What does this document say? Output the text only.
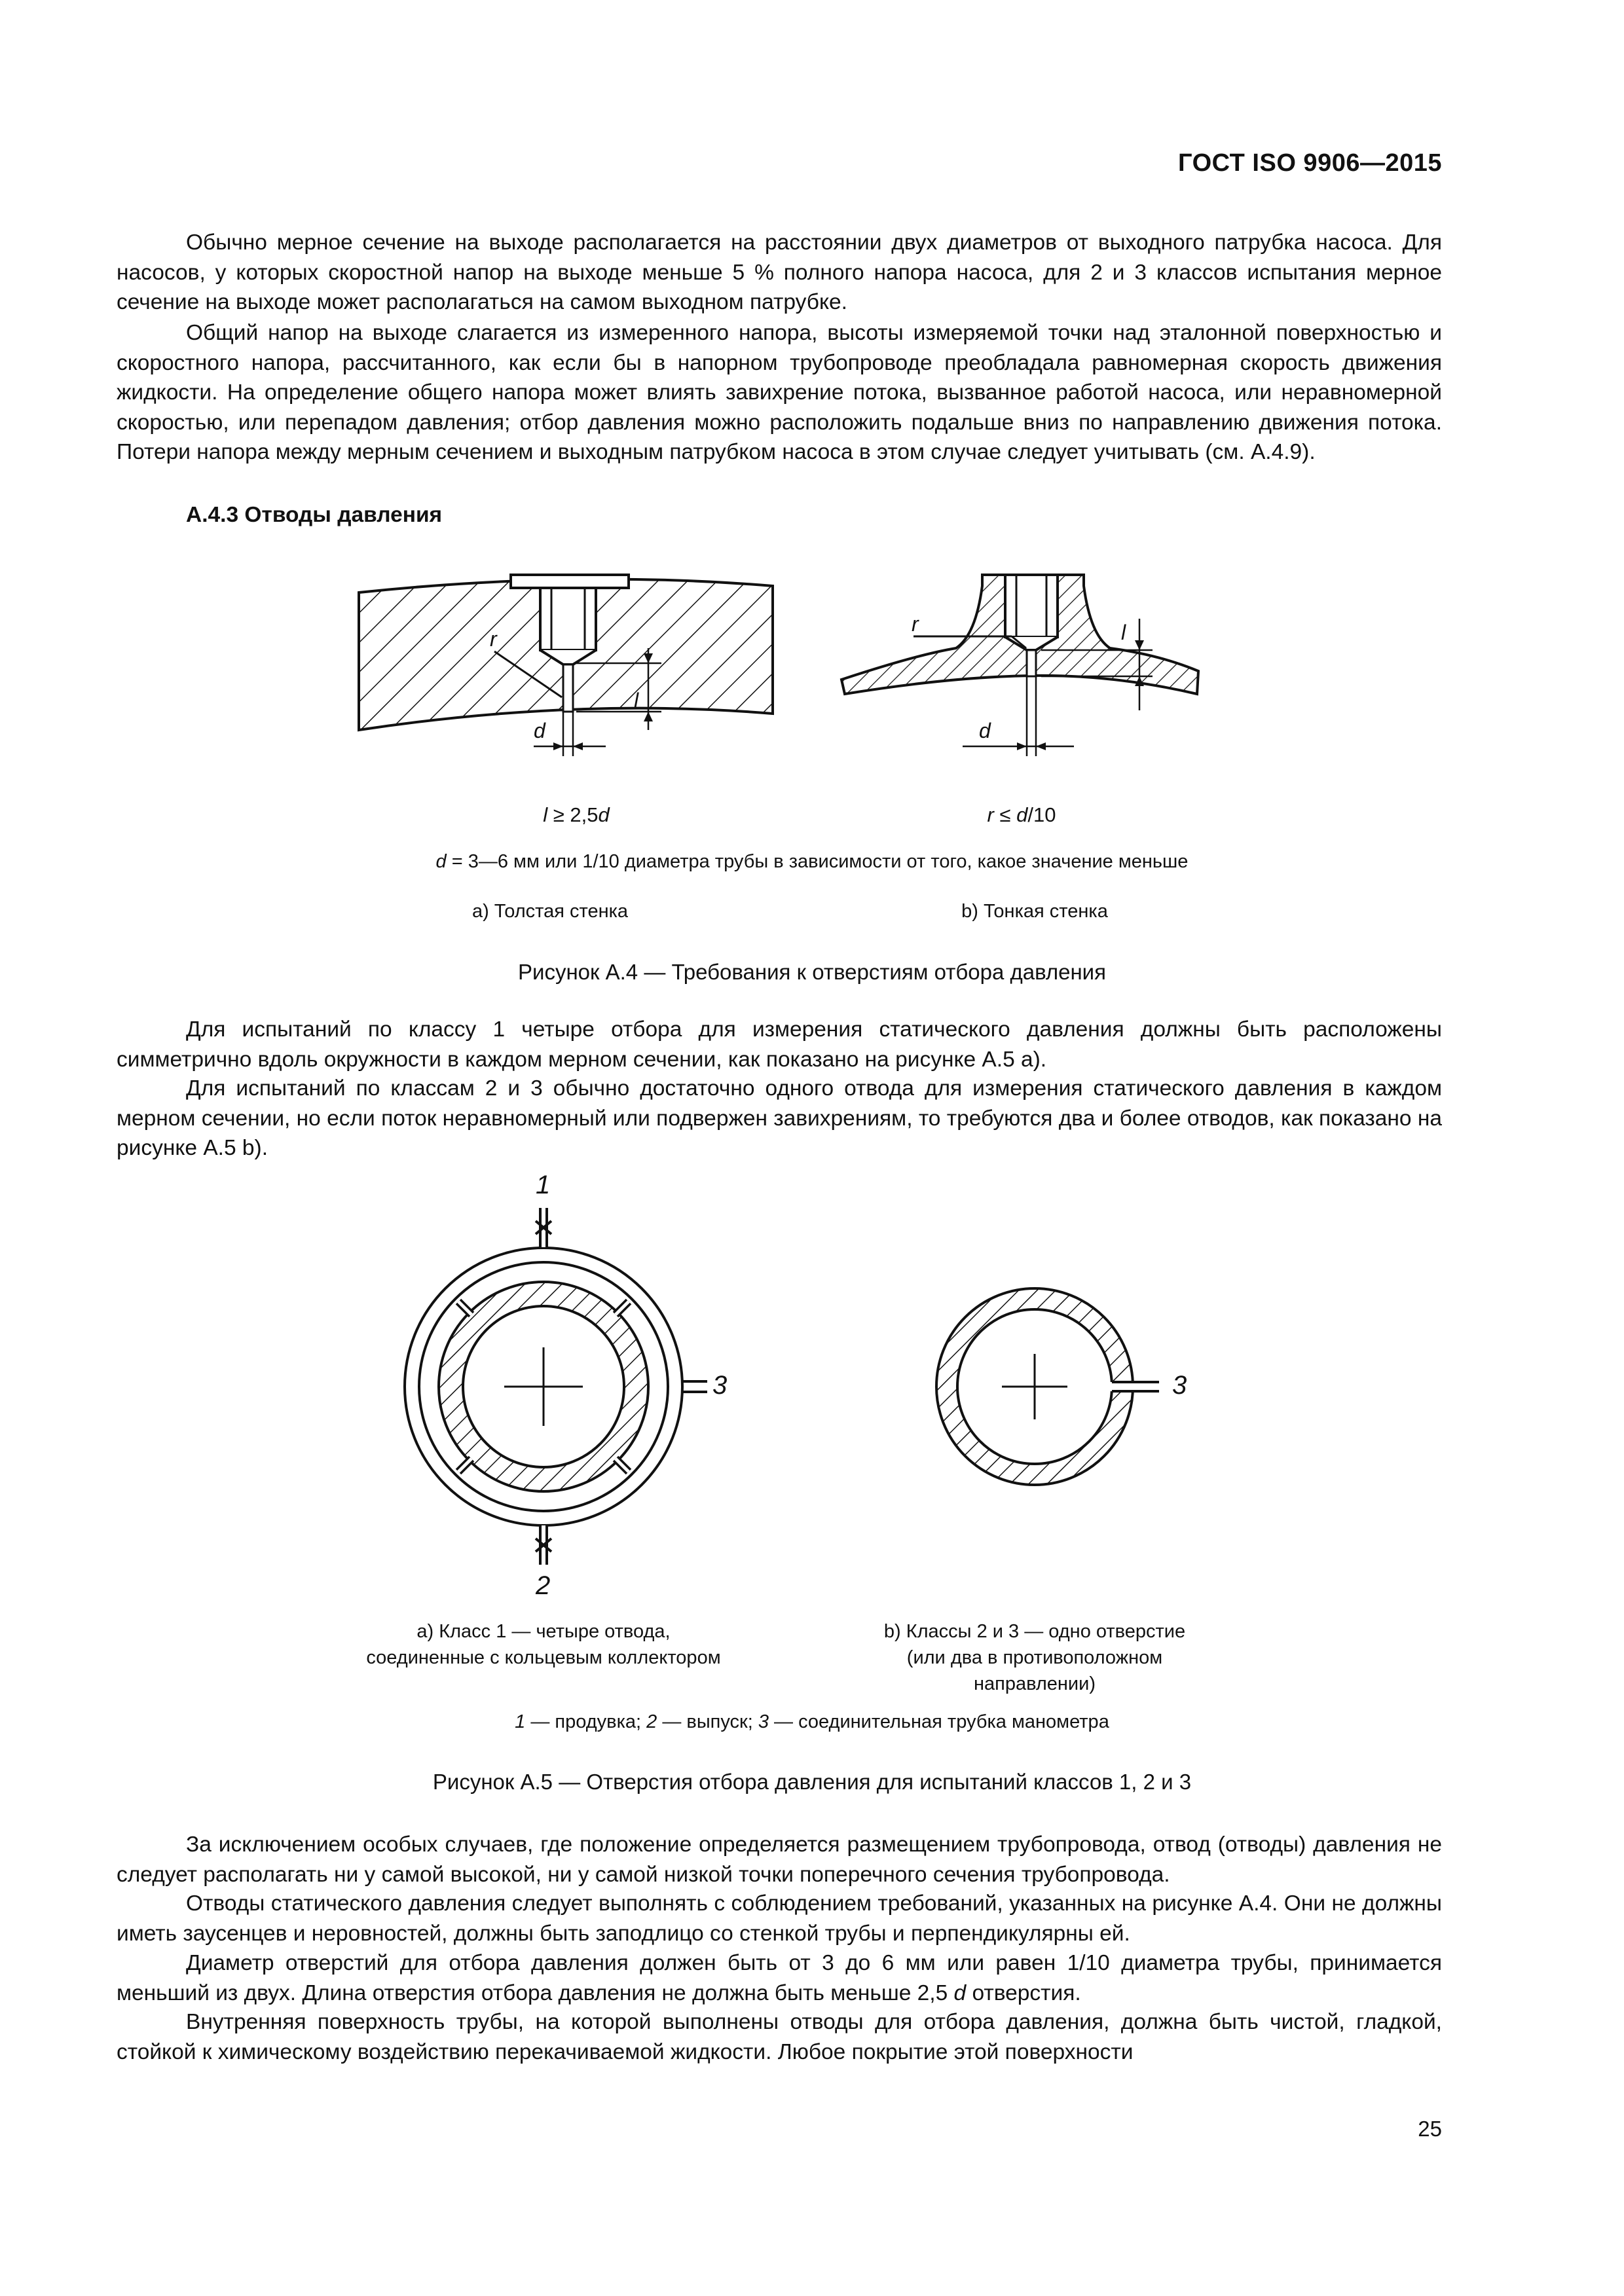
ГОСТ ISO 9906—2015

Обычно мерное сечение на выходе располагается на расстоянии двух диаметров от выходного патрубка насоса. Для насосов, у которых скоростной напор на выходе меньше 5 % полного напора насоса, для 2 и 3 классов испытания мерное сечение на выходе может располагаться на самом выходном патрубке.

Общий напор на выходе слагается из измеренного напора, высоты измеряемой точки над эталонной поверхностью и скоростного напора, рассчитанного, как если бы в напорном трубопроводе преобладала равномерная скорость движения жидкости. На определение общего напора может влиять завихрение потока, вызванное работой насоса, или неравномерной скоростью, или перепадом давления; отбор давления можно расположить подальше вниз по направлению движения потока. Потери напора между мерным сечением и выходным патрубком насоса в этом случае следует учитывать (см. А.4.9).

А.4.3 Отводы давления
r
l
d
r	l
d
l ≥ 2,5d	r ≤ d/10
d = 3—6 мм или 1/10 диаметра трубы в зависимости от того, какое значение меньше
а) Толстая стенка	b) Тонкая стенка
Рисунок А.4 — Требования к отверстиям отбора давления

Для испытаний по классу 1 четыре отбора для измерения статического давления должны быть расположены симметрично вдоль окружности в каждом мерном сечении, как показано на рисунке А.5 а).

Для испытаний по классам 2 и 3 обычно достаточно одного отвода для измерения статического давления в каждом мерном сечении, но если поток неравномерный или подвержен завихрениям, то требуются два и более отводов, как показано на рисунке А.5 b).

1
2
3	3
а) Класс 1 — четыре отвода,
соединенные с кольцевым коллектором
b) Классы 2 и 3 — одно отверстие
(или два в противоположном
направлении)
1 — продувка; 2 — выпуск; 3 — соединительная трубка манометра
Рисунок А.5 — Отверстия отбора давления для испытаний классов 1, 2 и 3

За исключением особых случаев, где положение определяется размещением трубопровода, отвод (отводы) давления не следует располагать ни у самой высокой, ни у самой низкой точки поперечного сечения трубопровода.

Отводы статического давления следует выполнять с соблюдением требований, указанных на рисунке А.4. Они не должны иметь заусенцев и неровностей, должны быть заподлицо со стенкой трубы и перпендикулярны ей.

Диаметр отверстий для отбора давления должен быть от 3 до 6 мм или равен 1/10 диаметра трубы, принимается меньший из двух. Длина отверстия отбора давления не должна быть меньше 2,5 d отверстия.

Внутренняя поверхность трубы, на которой выполнены отводы для отбора давления, должна быть чистой, гладкой, стойкой к химическому воздействию перекачиваемой жидкости. Любое покрытие этой поверхности

25
